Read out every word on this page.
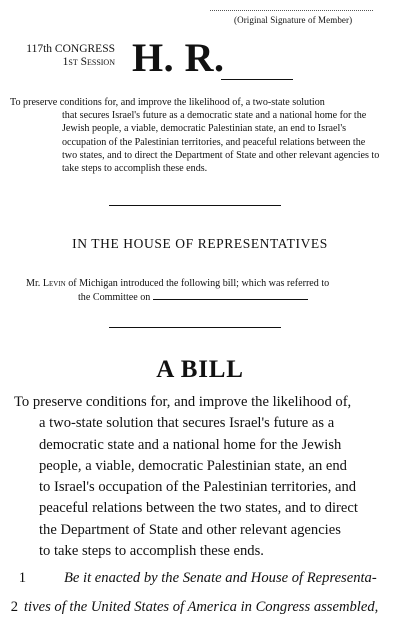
(Original Signature of Member)
117th CONGRESS
1st Session H. R.
To preserve conditions for, and improve the likelihood of, a two-state solution
that secures Israel's future as a democratic state and a national home for the Jewish people, a viable, democratic Palestinian state, an end to Israel's occupation of the Palestinian territories, and peaceful relations between the two states, and to direct the Department of State and other relevant agencies to take steps to accomplish these ends.
IN THE HOUSE OF REPRESENTATIVES
Mr. Levin of Michigan introduced the following bill; which was referred to
the Committee on
A BILL
To preserve conditions for, and improve the likelihood of,
a two-state solution that secures Israel's future as a
democratic state and a national home for the Jewish
people, a viable, democratic Palestinian state, an end
to Israel's occupation of the Palestinian territories, and
peaceful relations between the two states, and to direct
the Department of State and other relevant agencies
to take steps to accomplish these ends.
1	Be it enacted by the Senate and House of Representa-
2 tives of the United States of America in Congress assembled,
